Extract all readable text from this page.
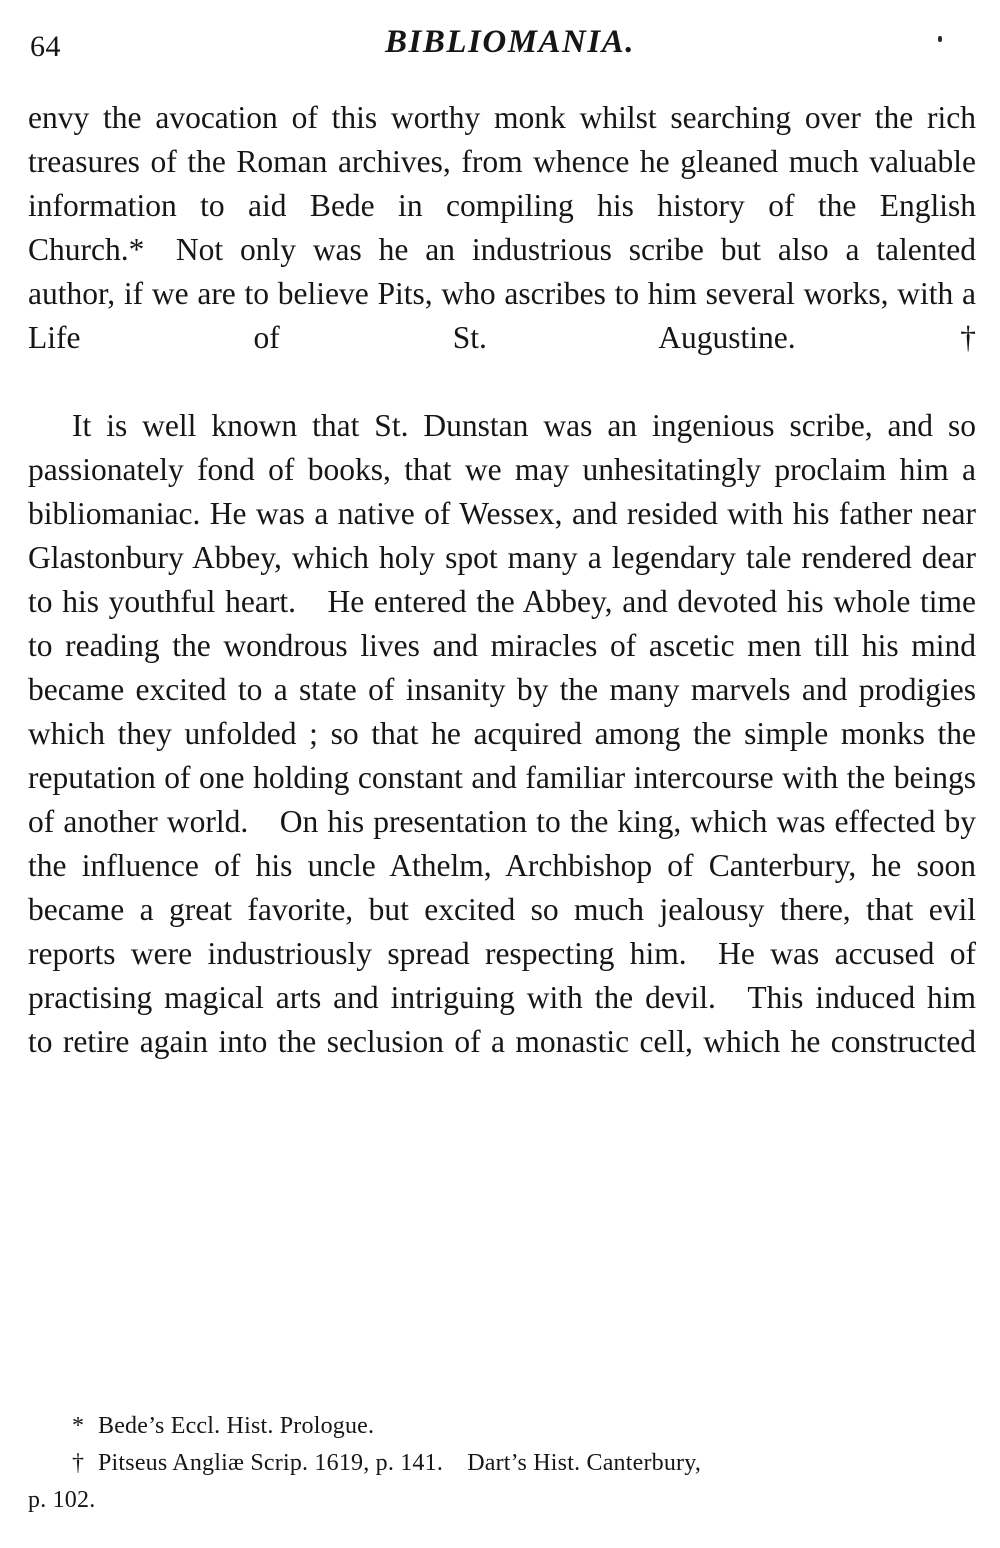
64	BIBLIOMANIA.

envy the avocation of this worthy monk whilst searching over the rich treasures of the Roman archives, from whence he gleaned much valuable information to aid Bede in compiling his history of the English Church.* Not only was he an industrious scribe but also a talented author, if we are to believe Pits, who ascribes to him several works, with a Life of St. Augustine.†

It is well known that St. Dunstan was an ingenious scribe, and so passionately fond of books, that we may unhesitatingly proclaim him a bibliomaniac. He was a native of Wessex, and resided with his father near Glastonbury Abbey, which holy spot many a legendary tale rendered dear to his youthful heart. He entered the Abbey, and devoted his whole time to reading the wondrous lives and miracles of ascetic men till his mind became excited to a state of insanity by the many marvels and prodigies which they unfolded ; so that he acquired among the simple monks the reputation of one holding constant and familiar intercourse with the beings of another world. On his presentation to the king, which was effected by the influence of his uncle Athelm, Archbishop of Canterbury, he soon became a great favorite, but excited so much jealousy there, that evil reports were industriously spread respecting him. He was accused of practising magical arts and intriguing with the devil. This induced him to retire again into the seclusion of a monastic cell, which he constructed

* Bede’s Eccl. Hist. Prologue.

† Pitseus Angliæ Scrip. 1619, p. 141. Dart’s Hist. Canterbury,

p. 102.
